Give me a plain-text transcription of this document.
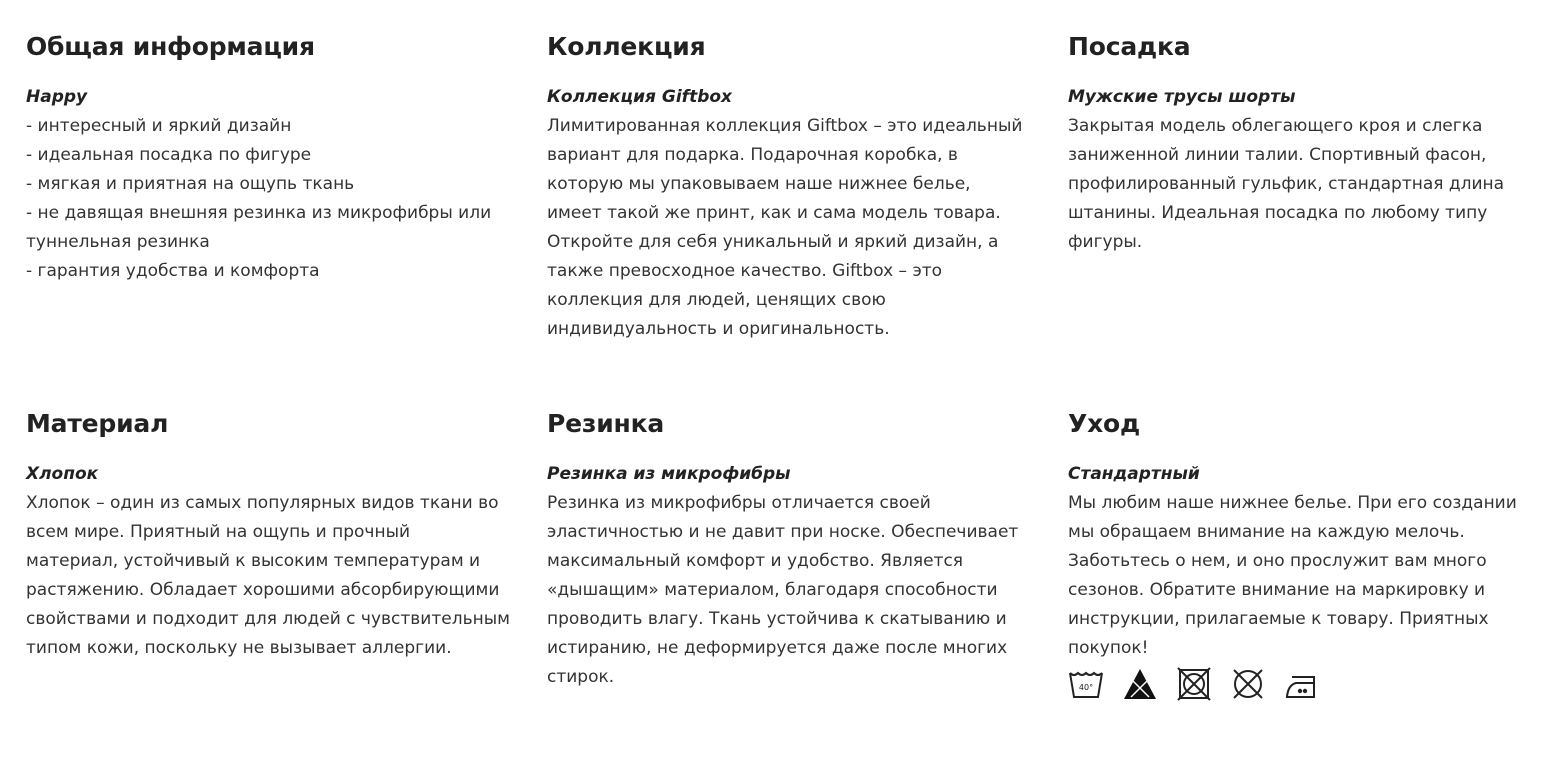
Общая информация

Happy

- интересный и яркий дизайн
- идеальная посадка по фигуре
- мягкая и приятная на ощупь ткань
- не давящая внешняя резинка из микрофибры или
туннельная резинка
- гарантия удобства и комфорта

Коллекция

Коллекция Giftbox

Лимитированная коллекция Giftbox – это идеальный
вариант для подарка. Подарочная коробка, в
которую мы упаковываем наше нижнее белье,
имеет такой же принт, как и сама модель товара.
Откройте для себя уникальный и яркий дизайн, а
также превосходное качество. Giftbox – это
коллекция для людей, ценящих свою
индивидуальность и оригинальность.

Посадка

Мужские трусы шорты

Закрытая модель облегающего кроя и слегка
заниженной линии талии. Спортивный фасон,
профилированный гульфик, стандартная длина
штанины. Идеальная посадка по любому типу
фигуры.

Материал

Хлопок

Хлопок – один из самых популярных видов ткани во
всем мире. Приятный на ощупь и прочный
материал, устойчивый к высоким температурам и
растяжению. Обладает хорошими абсорбирующими
свойствами и подходит для людей с чувствительным
типом кожи, поскольку не вызывает аллергии.

Резинка

Резинка из микрофибры

Резинка из микрофибры отличается своей
эластичностью и не давит при носке. Обеспечивает
максимальный комфорт и удобство. Является
«дышащим» материалом, благодаря способности
проводить влагу. Ткань устойчива к скатыванию и
истиранию, не деформируется даже после многих
стирок.

Уход

Стандартный

Мы любим наше нижнее белье. При его создании
мы обращаем внимание на каждую мелочь.
Заботьтесь о нем, и оно прослужит вам много
сезонов. Обратите внимание на маркировку и
инструкции, прилагаемые к товару. Приятных
покупок!

40°
